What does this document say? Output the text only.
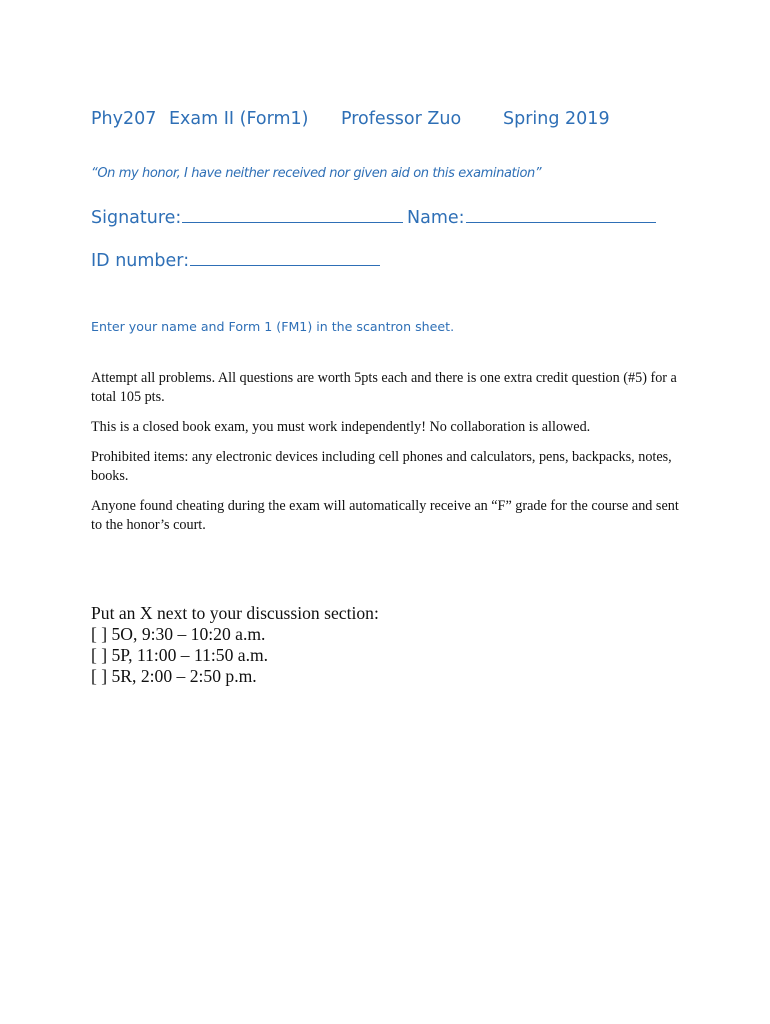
Phy207 Exam II (Form1) Professor Zuo Spring 2019
“On my honor, I have neither received nor given aid on this examination”
Signature:	Name:
ID number:
Enter your name and Form 1 (FM1) in the scantron sheet.

Attempt all problems. All questions are worth 5pts each and there is one extra credit question (#5) for a total 105 pts.

This is a closed book exam, you must work independently! No collaboration is allowed.

Prohibited items: any electronic devices including cell phones and calculators, pens, backpacks, notes, books.

Anyone found cheating during the exam will automatically receive an “F” grade for the course and sent to the honor’s court.

Put an X next to your discussion section:
[ ] 5O, 9:30 – 10:20 a.m.
[ ] 5P, 11:00 – 11:50 a.m.
[ ] 5R, 2:00 – 2:50 p.m.
